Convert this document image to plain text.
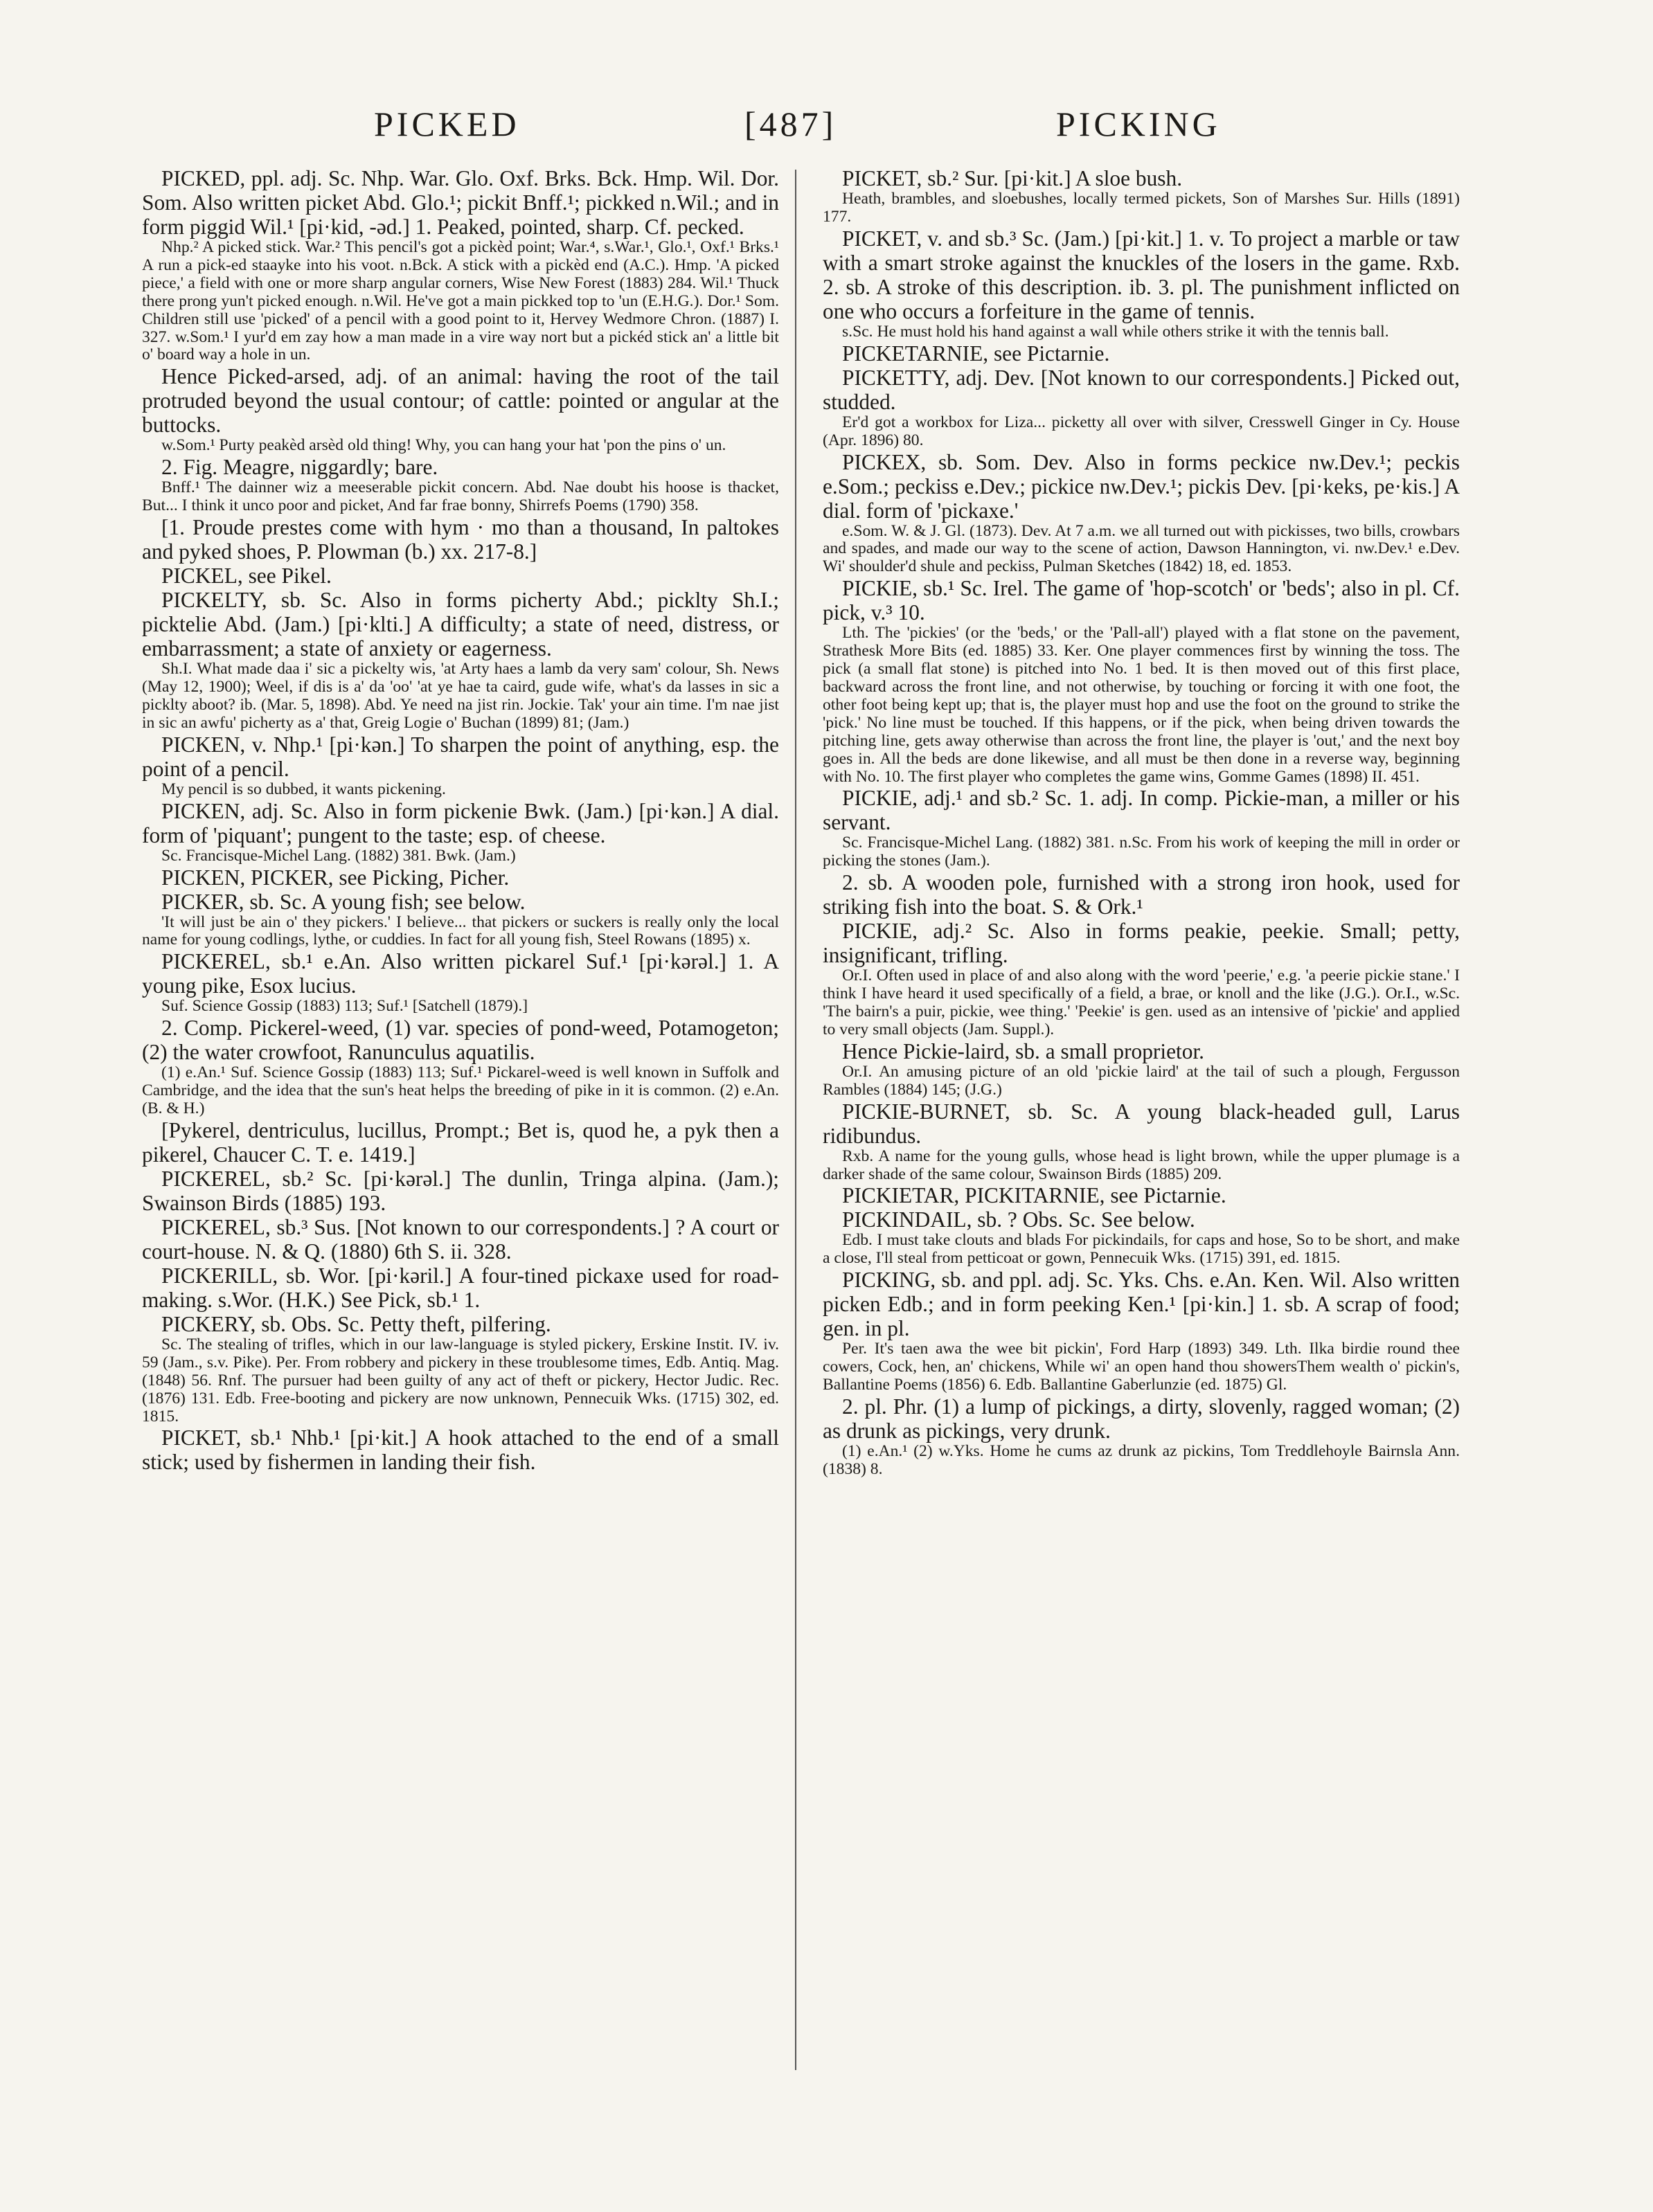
PICKED	[487]	PICKING

PICKED, ppl. adj. Sc. Nhp. War. Glo. Oxf. Brks. Bck. Hmp. Wil. Dor. Som. Also written picket Abd. Glo.¹; pickit Bnff.¹; pickked n.Wil.; and in form piggid Wil.¹ [pi·kid, -əd.] 1. Peaked, pointed, sharp. Cf. pecked.

Nhp.² A picked stick. War.² This pencil's got a pickèd point; War.⁴, s.War.¹, Glo.¹, Oxf.¹ Brks.¹ A run a pick-ed staayke into his voot. n.Bck. A stick with a pickèd end (A.C.). Hmp. 'A picked piece,' a field with one or more sharp angular corners, Wise New Forest (1883) 284. Wil.¹ Thuck there prong yun't picked enough. n.Wil. He've got a main pickked top to 'un (E.H.G.). Dor.¹ Som. Children still use 'picked' of a pencil with a good point to it, Hervey Wedmore Chron. (1887) I. 327. w.Som.¹ I yur'd em zay how a man made in a vire way nort but a pickéd stick an' a little bit o' board way a hole in un.

Hence Picked-arsed, adj. of an animal: having the root of the tail protruded beyond the usual contour; of cattle: pointed or angular at the buttocks.

w.Som.¹ Purty peakèd arsèd old thing! Why, you can hang your hat 'pon the pins o' un.

2. Fig. Meagre, niggardly; bare.

Bnff.¹ The dainner wiz a meeserable pickit concern. Abd. Nae doubt his hoose is thacket, But... I think it unco poor and picket, And far frae bonny, Shirrefs Poems (1790) 358.

[1. Proude prestes come with hym · mo than a thousand, In paltokes and pyked shoes, P. Plowman (b.) xx. 217-8.]

PICKEL, see Pikel.

PICKELTY, sb. Sc. Also in forms picherty Abd.; picklty Sh.I.; picktelie Abd. (Jam.) [pi·klti.] A difficulty; a state of need, distress, or embarrassment; a state of anxiety or eagerness.

Sh.I. What made daa i' sic a pickelty wis, 'at Arty haes a lamb da very sam' colour, Sh. News (May 12, 1900); Weel, if dis is a' da 'oo' 'at ye hae ta caird, gude wife, what's da lasses in sic a picklty aboot? ib. (Mar. 5, 1898). Abd. Ye need na jist rin. Jockie. Tak' your ain time. I'm nae jist in sic an awfu' picherty as a' that, Greig Logie o' Buchan (1899) 81; (Jam.)

PICKEN, v. Nhp.¹ [pi·kən.] To sharpen the point of anything, esp. the point of a pencil.

My pencil is so dubbed, it wants pickening.

PICKEN, adj. Sc. Also in form pickenie Bwk. (Jam.) [pi·kən.] A dial. form of 'piquant'; pungent to the taste; esp. of cheese.

Sc. Francisque-Michel Lang. (1882) 381. Bwk. (Jam.)

PICKEN, PICKER, see Picking, Picher.

PICKER, sb. Sc. A young fish; see below.

'It will just be ain o' they pickers.' I believe... that pickers or suckers is really only the local name for young codlings, lythe, or cuddies. In fact for all young fish, Steel Rowans (1895) x.

PICKEREL, sb.¹ e.An. Also written pickarel Suf.¹ [pi·kərəl.] 1. A young pike, Esox lucius.

Suf. Science Gossip (1883) 113; Suf.¹ [Satchell (1879).]

2. Comp. Pickerel-weed, (1) var. species of pond-weed, Potamogeton; (2) the water crowfoot, Ranunculus aquatilis.

(1) e.An.¹ Suf. Science Gossip (1883) 113; Suf.¹ Pickarel-weed is well known in Suffolk and Cambridge, and the idea that the sun's heat helps the breeding of pike in it is common. (2) e.An. (B. & H.)

[Pykerel, dentriculus, lucillus, Prompt.; Bet is, quod he, a pyk then a pikerel, Chaucer C. T. e. 1419.]

PICKEREL, sb.² Sc. [pi·kərəl.] The dunlin, Tringa alpina. (Jam.); Swainson Birds (1885) 193.

PICKEREL, sb.³ Sus. [Not known to our correspondents.] ? A court or court-house. N. & Q. (1880) 6th S. ii. 328.

PICKERILL, sb. Wor. [pi·kəril.] A four-tined pickaxe used for road-making. s.Wor. (H.K.) See Pick, sb.¹ 1.

PICKERY, sb. Obs. Sc. Petty theft, pilfering.

Sc. The stealing of trifles, which in our law-language is styled pickery, Erskine Instit. IV. iv. 59 (Jam., s.v. Pike). Per. From robbery and pickery in these troublesome times, Edb. Antiq. Mag. (1848) 56. Rnf. The pursuer had been guilty of any act of theft or pickery, Hector Judic. Rec. (1876) 131. Edb. Free-booting and pickery are now unknown, Pennecuik Wks. (1715) 302, ed. 1815.

PICKET, sb.¹ Nhb.¹ [pi·kit.] A hook attached to the end of a small stick; used by fishermen in landing their fish.

PICKET, sb.² Sur. [pi·kit.] A sloe bush.

Heath, brambles, and sloebushes, locally termed pickets, Son of Marshes Sur. Hills (1891) 177.

PICKET, v. and sb.³ Sc. (Jam.) [pi·kit.] 1. v. To project a marble or taw with a smart stroke against the knuckles of the losers in the game. Rxb. 2. sb. A stroke of this description. ib. 3. pl. The punishment inflicted on one who occurs a forfeiture in the game of tennis.

s.Sc. He must hold his hand against a wall while others strike it with the tennis ball.

PICKETARNIE, see Pictarnie.

PICKETTY, adj. Dev. [Not known to our correspondents.] Picked out, studded.

Er'd got a workbox for Liza... picketty all over with silver, Cresswell Ginger in Cy. House (Apr. 1896) 80.

PICKEX, sb. Som. Dev. Also in forms peckice nw.Dev.¹; peckis e.Som.; peckiss e.Dev.; pickice nw.Dev.¹; pickis Dev. [pi·keks, pe·kis.] A dial. form of 'pickaxe.'

e.Som. W. & J. Gl. (1873). Dev. At 7 a.m. we all turned out with pickisses, two bills, crowbars and spades, and made our way to the scene of action, Dawson Hannington, vi. nw.Dev.¹ e.Dev. Wi' shoulder'd shule and peckiss, Pulman Sketches (1842) 18, ed. 1853.

PICKIE, sb.¹ Sc. Irel. The game of 'hop-scotch' or 'beds'; also in pl. Cf. pick, v.³ 10.

Lth. The 'pickies' (or the 'beds,' or the 'Pall-all') played with a flat stone on the pavement, Strathesk More Bits (ed. 1885) 33. Ker. One player commences first by winning the toss. The pick (a small flat stone) is pitched into No. 1 bed. It is then moved out of this first place, backward across the front line, and not otherwise, by touching or forcing it with one foot, the other foot being kept up; that is, the player must hop and use the foot on the ground to strike the 'pick.' No line must be touched. If this happens, or if the pick, when being driven towards the pitching line, gets away otherwise than across the front line, the player is 'out,' and the next boy goes in. All the beds are done likewise, and all must be then done in a reverse way, beginning with No. 10. The first player who completes the game wins, Gomme Games (1898) II. 451.

PICKIE, adj.¹ and sb.² Sc. 1. adj. In comp. Pickie-man, a miller or his servant.

Sc. Francisque-Michel Lang. (1882) 381. n.Sc. From his work of keeping the mill in order or picking the stones (Jam.).

2. sb. A wooden pole, furnished with a strong iron hook, used for striking fish into the boat. S. & Ork.¹

PICKIE, adj.² Sc. Also in forms peakie, peekie. Small; petty, insignificant, trifling.

Or.I. Often used in place of and also along with the word 'peerie,' e.g. 'a peerie pickie stane.' I think I have heard it used specifically of a field, a brae, or knoll and the like (J.G.). Or.I., w.Sc. 'The bairn's a puir, pickie, wee thing.' 'Peekie' is gen. used as an intensive of 'pickie' and applied to very small objects (Jam. Suppl.).

Hence Pickie-laird, sb. a small proprietor.

Or.I. An amusing picture of an old 'pickie laird' at the tail of such a plough, Fergusson Rambles (1884) 145; (J.G.)

PICKIE-BURNET, sb. Sc. A young black-headed gull, Larus ridibundus.

Rxb. A name for the young gulls, whose head is light brown, while the upper plumage is a darker shade of the same colour, Swainson Birds (1885) 209.

PICKIETAR, PICKITARNIE, see Pictarnie.

PICKINDAIL, sb. ? Obs. Sc. See below.

Edb. I must take clouts and blads For pickindails, for caps and hose, So to be short, and make a close, I'll steal from petticoat or gown, Pennecuik Wks. (1715) 391, ed. 1815.

PICKING, sb. and ppl. adj. Sc. Yks. Chs. e.An. Ken. Wil. Also written picken Edb.; and in form peeking Ken.¹ [pi·kin.] 1. sb. A scrap of food; gen. in pl.

Per. It's taen awa the wee bit pickin', Ford Harp (1893) 349. Lth. Ilka birdie round thee cowers, Cock, hen, an' chickens, While wi' an open hand thou showersThem wealth o' pickin's, Ballantine Poems (1856) 6. Edb. Ballantine Gaberlunzie (ed. 1875) Gl.

2. pl. Phr. (1) a lump of pickings, a dirty, slovenly, ragged woman; (2) as drunk as pickings, very drunk.

(1) e.An.¹ (2) w.Yks. Home he cums az drunk az pickins, Tom Treddlehoyle Bairnsla Ann. (1838) 8.
